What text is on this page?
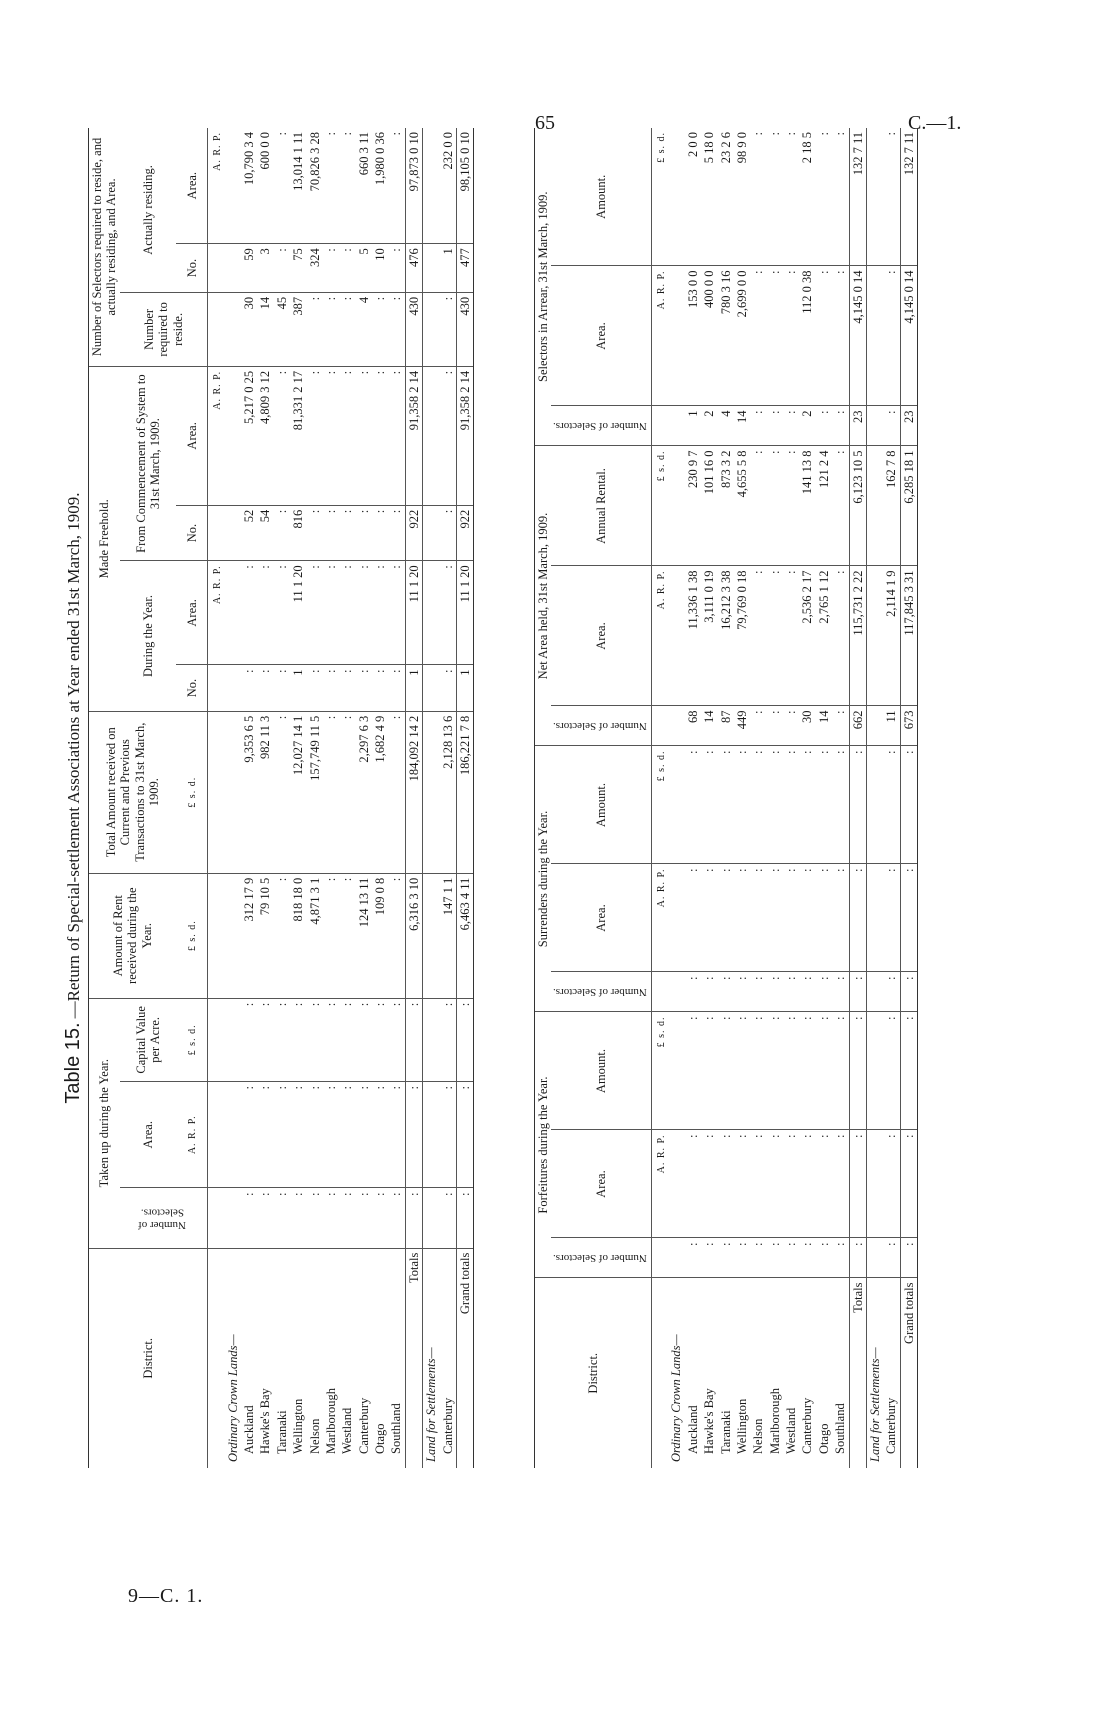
65	C.—1.
9—C. 1.
Table 15.—Return of Special-settlement Associations at Year ended 31st March, 1909.
District.	Taken up during the Year.			Amount of Rent received during the Year.	Total Amount received on Current and Previous Transactions to 31st March, 1909.	Made Freehold.				Number of Selectors required to reside, and actually residing, and Area.		
	Number of Selectors.	Area.	Capital Value per Acre.			During the Year.		From Commencement of System to 31st March, 1909.		Number required to reside.	Actually residing.	
		A. R. P.	£ s. d.	£ s. d.	£ s. d.	No.	Area.	No.	Area.		No.	Area.
							A. R. P.		A. R. P.			A. R. P.
Ordinary Crown Lands—												
Auckland	:	:	:	312 17 9	9,353 6 5	:	:	52	5,217 0 25	30	59	10,790 3 4
Hawke's Bay	:	:	:	79 10 5	982 11 3	:	:	54	4,809 3 12	14	3	600 0 0
Taranaki	:	:	:	:	:	:	:	:	:	45	:	:
Wellington	:	:	:	818 18 0	12,027 14 1	1	11 1 20	816	81,331 2 17	387	75	13,014 1 11
Nelson	:	:	:	4,871 3 1	157,749 11 5	:	:	:	:	:	324	70,826 3 28
Marlborough	:	:	:	:	:	:	:	:	:	:	:	:
Westland	:	:	:	:	:	:	:	:	:	:	:	:
Canterbury	:	:	:	124 13 11	2,297 6 3	:	:	:	:	4	5	660 3 11
Otago	:	:	:	109 0 8	1,682 4 9	:	:	:	:	:	10	1,980 0 36
Southland	:	:	:	:	:	:	:	:	:	:	:	:
Totals	:	:	:	6,316 3 10	184,092 14 2	1	11 1 20	922	91,358 2 14	430	476	97,873 0 10
Land for Settlements—												
Canterbury	:	:	:	147 1 1	2,128 13 6	:	:	:	:	:	1	232 0 0
Grand totals	:	:	:	6,463 4 11	186,221 7 8	1	11 1 20	922	91,358 2 14	430	477	98,105 0 10
District.	Forfeitures during the Year.			Surrenders during the Year.			Net Area held, 31st March, 1909.			Selectors in Arrear, 31st March, 1909.		
	Number of Selectors.	Area.	Amount.	Number of Selectors.	Area.	Amount.	Number of Selectors.	Area.	Annual Rental.	Number of Selectors.	Area.	Amount.
		A. R. P.	£ s. d.		A. R. P.	£ s. d.		A. R. P.	£ s. d.		A. R. P.	£ s. d.
Ordinary Crown Lands—												
Auckland	:	:	:	:	:	:	68	11,336 1 38	230 9 7	1	153 0 0	2 0 0
Hawke's Bay	:	:	:	:	:	:	14	3,111 0 19	101 16 0	2	400 0 0	5 18 0
Taranaki	:	:	:	:	:	:	87	16,212 3 38	873 3 2	4	780 3 16	23 2 6
Wellington	:	:	:	:	:	:	449	79,769 0 18	4,655 5 8	14	2,699 0 0	98 9 0
Nelson	:	:	:	:	:	:	:	:	:	:	:	:
Marlborough	:	:	:	:	:	:	:	:	:	:	:	:
Westland	:	:	:	:	:	:	:	:	:	:	:	:
Canterbury	:	:	:	:	:	:	30	2,536 2 17	141 13 8	2	112 0 38	2 18 5
Otago	:	:	:	:	:	:	14	2,765 1 12	121 2 4	:	:	:
Southland	:	:	:	:	:	:	:	:	:	:	:	:
Totals	:	:	:	:	:	:	662	115,731 2 22	6,123 10 5	23	4,145 0 14	132 7 11
Land for Settlements—												
Canterbury	:	:	:	:	:	:	11	2,114 1 9	162 7 8	:	:	:
Grand totals	:	:	:	:	:	:	673	117,845 3 31	6,285 18 1	23	4,145 0 14	132 7 11
